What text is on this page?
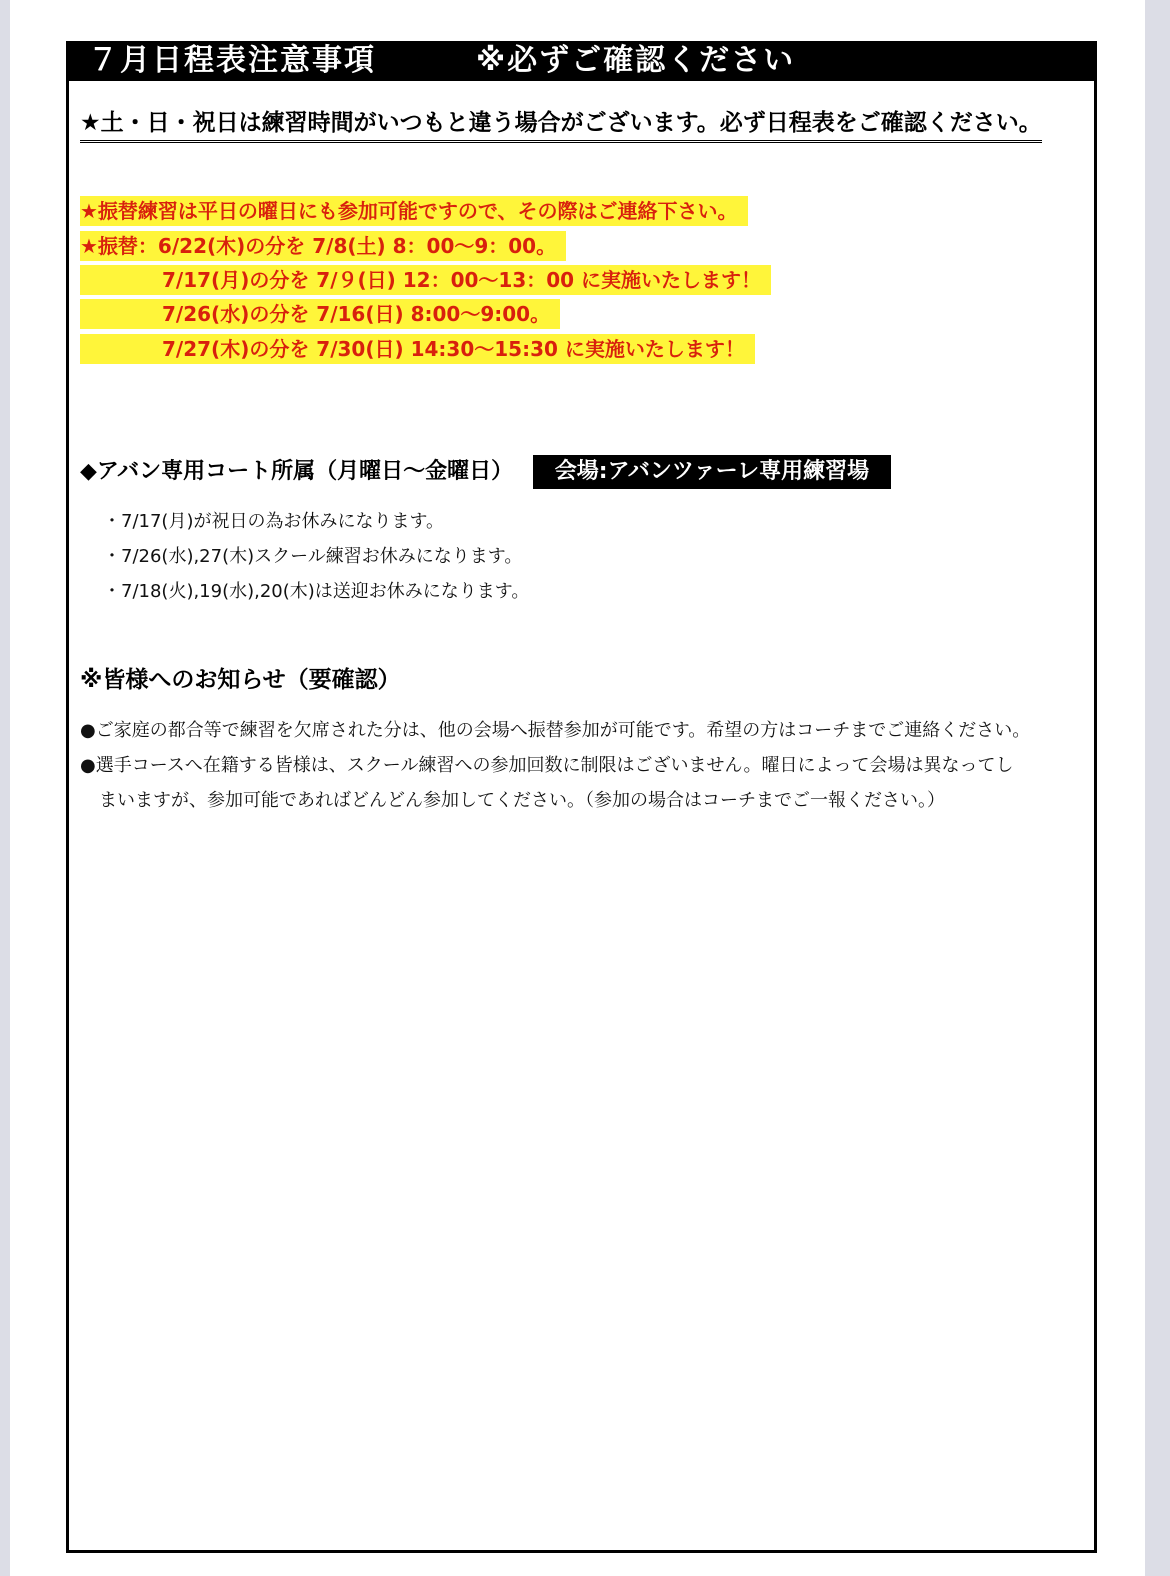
７月日程表注意事項	※必ずご確認ください
★土・日・祝日は練習時間がいつもと違う場合がございます。必ず日程表をご確認ください。
★振替練習は平日の曜日にも参加可能ですので、その際はご連絡下さい。
★振替：6/22(木)の分を 7/8(土) 8：00〜9：00。
7/17(月)の分を 7/９(日) 12：00〜13：00 に実施いたします！
7/26(水)の分を 7/16(日) 8:00〜9:00。
7/27(木)の分を 7/30(日) 14:30〜15:30 に実施いたします！
◆アバン専用コート所属（月曜日〜金曜日）	会場:アバンツァーレ専用練習場
・7/17(月)が祝日の為お休みになります。
・7/26(水),27(木)スクール練習お休みになります。
・7/18(火),19(水),20(木)は送迎お休みになります。
※皆様へのお知らせ（要確認）
●ご家庭の都合等で練習を欠席された分は、他の会場へ振替参加が可能です。希望の方はコーチまでご連絡ください。
●選手コースへ在籍する皆様は、スクール練習への参加回数に制限はございません。曜日によって会場は異なってし
まいますが、参加可能であればどんどん参加してください。（参加の場合はコーチまでご一報ください。）
